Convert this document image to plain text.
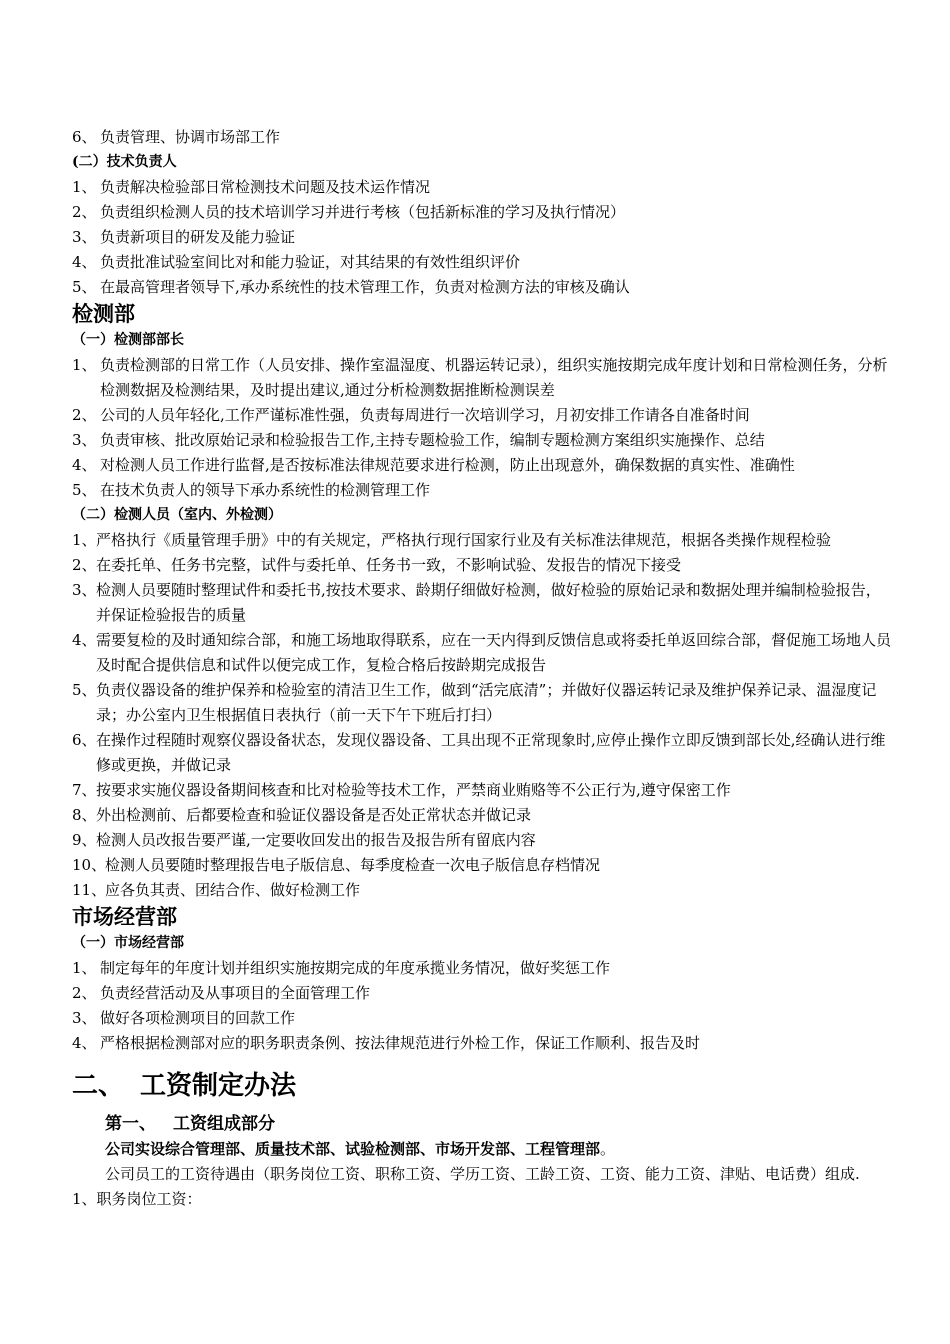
6、 负责管理、协调市场部工作
(二）技术负责人
1、 负责解决检验部日常检测技术问题及技术运作情况
2、 负责组织检测人员的技术培训学习并进行考核（包括新标准的学习及执行情况）
3、 负责新项目的研发及能力验证
4、 负责批准试验室间比对和能力验证，对其结果的有效性组织评价
5、 在最高管理者领导下,承办系统性的技术管理工作，负责对检测方法的审核及确认
检测部
（一）检测部部长
1、 负责检测部的日常工作（人员安排、操作室温湿度、机器运转记录），组织实施按期完成年度计划和日常检测任务，分析检测数据及检测结果，及时提出建议,通过分析检测数据推断检测误差
2、 公司的人员年轻化,工作严谨标准性强，负责每周进行一次培训学习，月初安排工作请各自准备时间
3、 负责审核、批改原始记录和检验报告工作,主持专题检验工作，编制专题检测方案组织实施操作、总结
4、 对检测人员工作进行监督,是否按标准法律规范要求进行检测，防止出现意外，确保数据的真实性、准确性
5、 在技术负责人的领导下承办系统性的检测管理工作
（二）检测人员（室内、外检测）
1、 严格执行《质量管理手册》中的有关规定，严格执行现行国家行业及有关标准法律规范，根据各类操作规程检验
2、 在委托单、任务书完整，试件与委托单、任务书一致，不影响试验、发报告的情况下接受
3、 检测人员要随时整理试件和委托书,按技术要求、龄期仔细做好检测，做好检验的原始记录和数据处理并编制检验报告，并保证检验报告的质量
4、 需要复检的及时通知综合部，和施工场地取得联系，应在一天内得到反馈信息或将委托单返回综合部，督促施工场地人员及时配合提供信息和试件以便完成工作，复检合格后按龄期完成报告
5、 负责仪器设备的维护保养和检验室的清洁卫生工作，做到“活完底清”；并做好仪器运转记录及维护保养记录、温湿度记录；办公室内卫生根据值日表执行（前一天下午下班后打扫）
6、 在操作过程随时观察仪器设备状态，发现仪器设备、工具出现不正常现象时,应停止操作立即反馈到部长处,经确认进行维修或更换，并做记录
7、 按要求实施仪器设备期间核查和比对检验等技术工作，严禁商业贿赂等不公正行为,遵守保密工作
8、 外出检测前、后都要检查和验证仪器设备是否处正常状态并做记录
9、 检测人员改报告要严谨,一定要收回发出的报告及报告所有留底内容
10、
检测人员要随时整理报告电子版信息、每季度检查一次电子版信息存档情况
11、
应各负其责、团结合作、做好检测工作
市场经营部
（一）市场经营部
1、 制定每年的年度计划并组织实施按期完成的年度承揽业务情况，做好奖惩工作
2、 负责经营活动及从事项目的全面管理工作
3、 做好各项检测项目的回款工作
4、 严格根据检测部对应的职务职责条例、按法律规范进行外检工作，保证工作顺利、报告及时
二、 工资制定办法
第一、 工资组成部分
公司实设综合管理部、质量技术部、试验检测部、市场开发部、工程管理部。
公司员工的工资待遇由（职务岗位工资、职称工资、学历工资、工龄工资、工资、能力工资、津贴、电话费）组成.
1、职务岗位工资：
